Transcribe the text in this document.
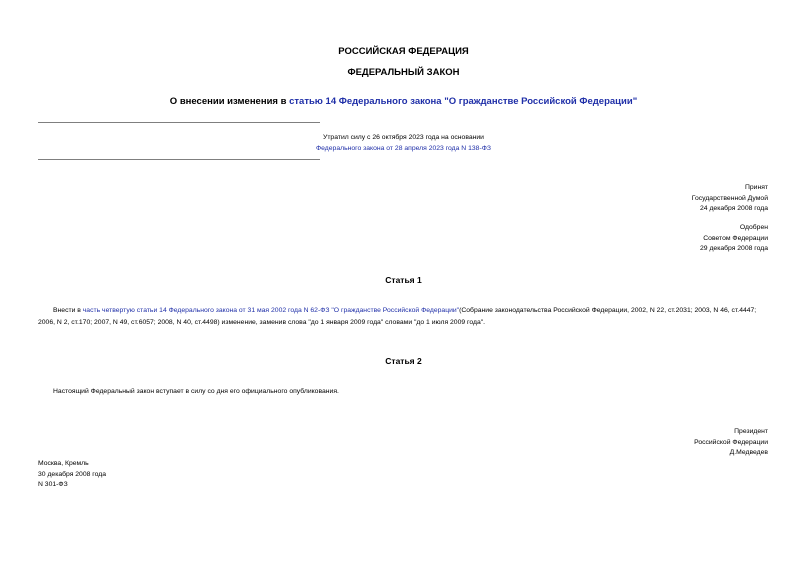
РОССИЙСКАЯ ФЕДЕРАЦИЯ
ФЕДЕРАЛЬНЫЙ ЗАКОН
О внесении изменения в статью 14 Федерального закона "О гражданстве Российской Федерации"
Утратил силу с 26 октября 2023 года на основании
Федерального закона от 28 апреля 2023 года N 138-ФЗ
Принят
Государственной Думой
24 декабря 2008 года
Одобрен
Советом Федерации
29 декабря 2008 года
Статья 1
Внести в часть четвертую статьи 14 Федерального закона от 31 мая 2002 года N 62-ФЗ "О гражданстве Российской Федерации"(Собрание законодательства Российской Федерации, 2002, N 22, ст.2031; 2003, N 46, ст.4447; 2006, N 2, ст.170; 2007, N 49, ст.6057; 2008, N 40, ст.4498) изменение, заменив слова "до 1 января 2009 года" словами "до 1 июля 2009 года".
Статья 2
Настоящий Федеральный закон вступает в силу со дня его официального опубликования.
Президент
Российской Федерации
Д.Медведев
Москва, Кремль
30 декабря 2008 года
N 301-ФЗ
